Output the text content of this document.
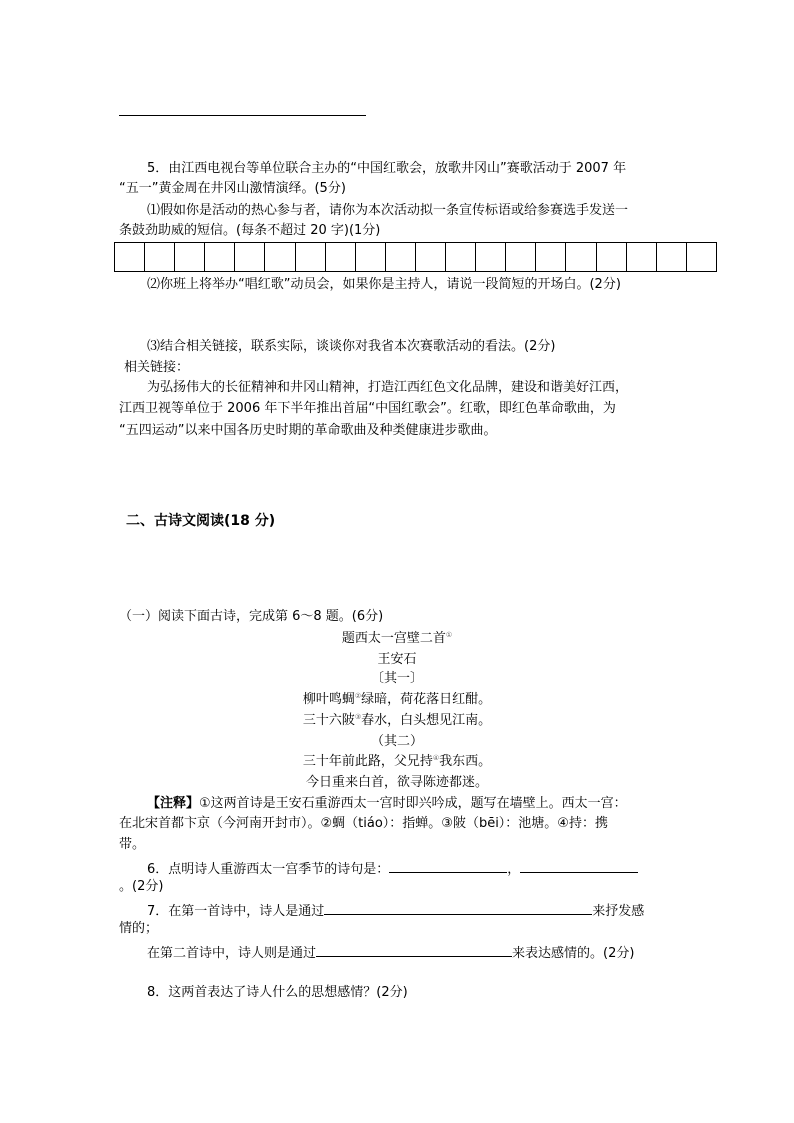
5．由江西电视台等单位联合主办的“中国红歌会，放歌井冈山”赛歌活动于 2007 年
“五一”黄金周在井冈山激情演绎。(5分)
⑴假如你是活动的热心参与者，请你为本次活动拟一条宣传标语或给参赛选手发送一
条鼓劲助威的短信。(每条不超过 20 字)(1分)
⑵你班上将举办“唱红歌”动员会，如果你是主持人，请说一段简短的开场白。(2分)
⑶结合相关链接，联系实际，谈谈你对我省本次赛歌活动的看法。(2分)
相关链接：
为弘扬伟大的长征精神和井冈山精神，打造江西红色文化品牌，建设和谐美好江西，
江西卫视等单位于 2006 年下半年推出首届“中国红歌会”。红歌，即红色革命歌曲，为
“五四运动”以来中国各历史时期的革命歌曲及种类健康进步歌曲。
二、古诗文阅读(18 分)
（一）阅读下面古诗，完成第 6～8 题。(6分)
题西太一宫壁二首①
王安石
〔其一〕
柳叶鸣蜩②绿暗，荷花落日红酣。
三十六陂③春水，白头想见江南。
（其二）
三十年前此路，父兄持④我东西。
今日重来白首，欲寻陈迹都迷。
【注释】①这两首诗是王安石重游西太一宫时即兴吟成，题写在墙壁上。西太一宫：
在北宋首都卞京（今河南开封市）。②蜩（tiáo）：指蝉。③陂（bēi）：池塘。④持：携
带。
6．点明诗人重游西太一宫季节的诗句是：	，
。(2分)
7．在第一首诗中，诗人是通过	来抒发感
情的；
在第二首诗中，诗人则是通过	来表达感情的。(2分)
8．这两首表达了诗人什么的思想感情？(2分)
